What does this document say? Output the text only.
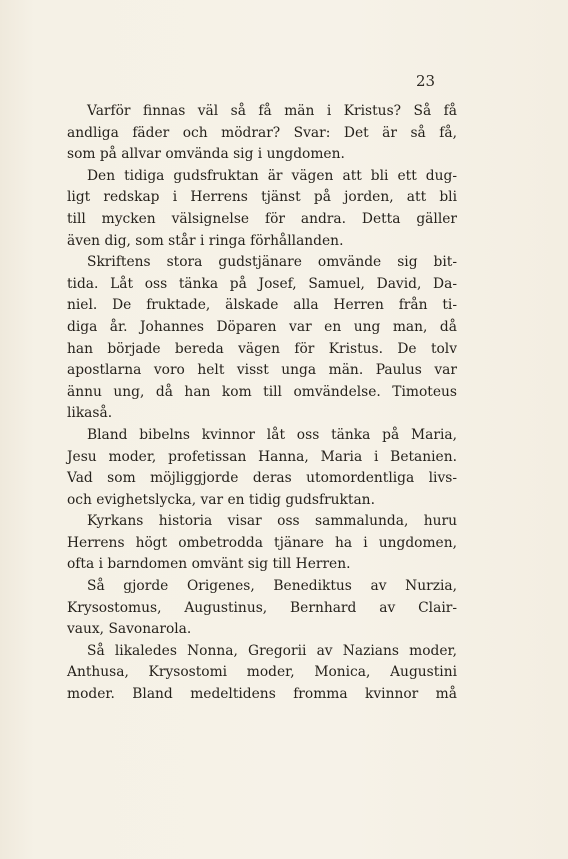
23
Varför finnas väl så få män i Kristus? Så få
andliga fäder och mödrar? Svar: Det är så få,
som på allvar omvända sig i ungdomen.
Den tidiga gudsfruktan är vägen att bli ett dug-
ligt redskap i Herrens tjänst på jorden, att bli
till mycken välsignelse för andra. Detta gäller
även dig, som står i ringa förhållanden.
Skriftens stora gudstjänare omvände sig bit-
tida. Låt oss tänka på Josef, Samuel, David, Da-
niel. De fruktade, älskade alla Herren från ti-
diga år. Johannes Döparen var en ung man, då
han började bereda vägen för Kristus. De tolv
apostlarna voro helt visst unga män. Paulus var
ännu ung, då han kom till omvändelse. Timoteus
likaså.
Bland bibelns kvinnor låt oss tänka på Maria,
Jesu moder, profetissan Hanna, Maria i Betanien.
Vad som möjliggjorde deras utomordentliga livs-
och evighetslycka, var en tidig gudsfruktan.
Kyrkans historia visar oss sammalunda, huru
Herrens högt ombetrodda tjänare ha i ungdomen,
ofta i barndomen omvänt sig till Herren.
Så gjorde Origenes, Benediktus av Nurzia,
Krysostomus, Augustinus, Bernhard av Clair-
vaux, Savonarola.
Så likaledes Nonna, Gregorii av Nazians moder,
Anthusa, Krysostomi moder, Monica, Augustini
moder. Bland medeltidens fromma kvinnor må
